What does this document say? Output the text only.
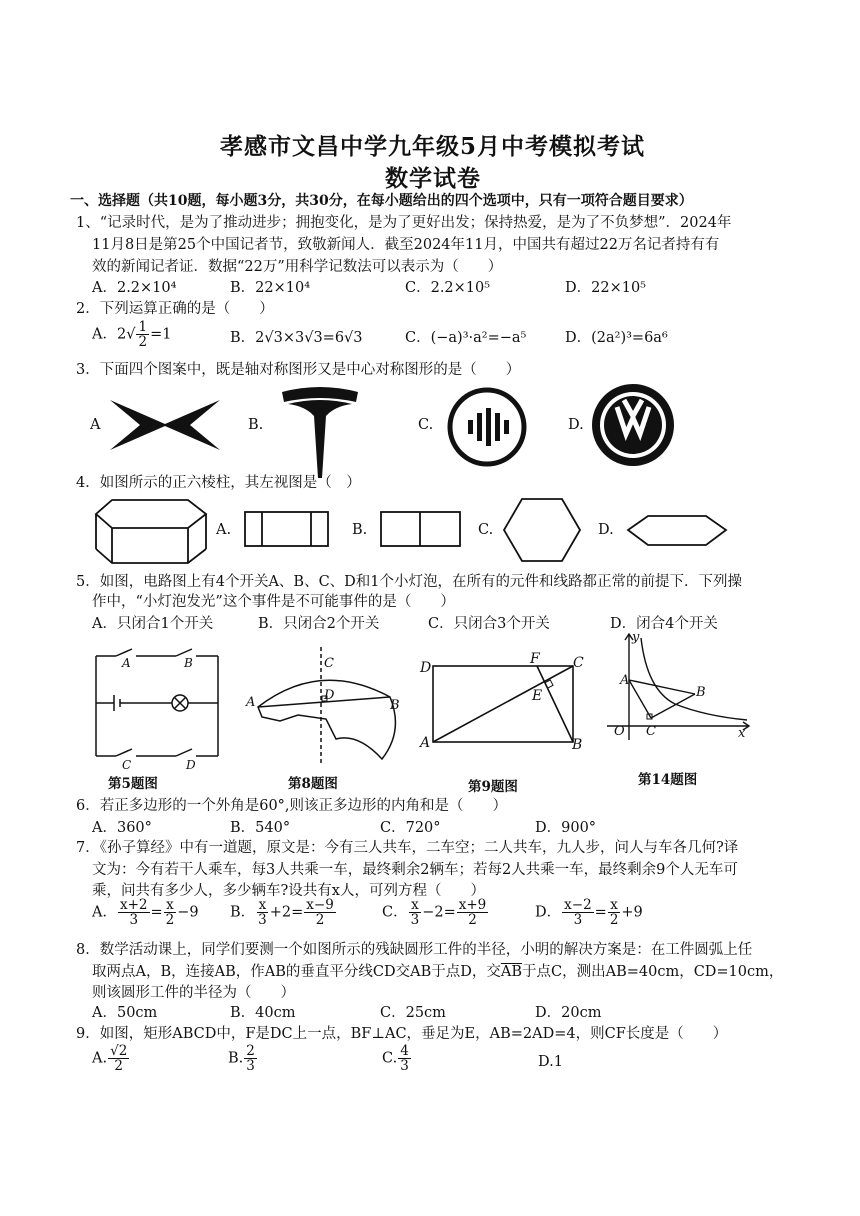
孝感市文昌中学九年级5月中考模拟考试
数学试卷
一、选择题（共10题，每小题3分，共30分，在每小题给出的四个选项中，只有一项符合题目要求）
1、“记录时代，是为了推动进步；拥抱变化，是为了更好出发；保持热爱，是为了不负梦想”．2024年
11月8日是第25个中国记者节，致敬新闻人．截至2024年11月，中国共有超过22万名记者持有有
效的新闻记者证．数据“22万”用科学记数法可以表示为（　　）
A．2.2×10⁴	B．22×10⁴	C．2.2×10⁵	D．22×10⁵
2．下列运算正确的是（　　）
A．$2√ \frac{1}{2} =1$	B．2√3×3√3=6√3	C．(−a)³·a²=−a⁵	D．(2a²)³=6a⁶
3．下面四个图案中，既是轴对称图形又是中心对称图形的是（　　）
A	B.	C.	D.
4．如图所示的正六棱柱，其左视图是（　）
A.	B.	C.	D.
5．如图，电路图上有4个开关A、B、C、D和1个小灯泡，在所有的元件和线路都正常的前提下．下列操
作中，“小灯泡发光”这个事件是不可能事件的是（　　）
A．只闭合1个开关	B．只闭合2个开关	C．只闭合3个开关	D．闭合4个开关
A	B
C	D
第5题图
A	B
C
D
第8题图
D
F C
E
A	B
第9题图
y
A
B
O C	x
第14题图
6．若正多边形的一个外角是60°,则该正多边形的内角和是（　　）
A．360°	B．540°	C．720°	D．900°
7．《孙子算经》中有一道题，原文是：今有三人共车，二车空；二人共车，九人步，问人与车各几何?译
文为：今有若干人乘车，每3人共乘一车，最终剩余2辆车；若每2人共乘一车，最终剩余9个人无车可
乘，问共有多少人，多少辆车?设共有x人，可列方程（　　）
A． $\frac{x+2}{3} = \frac{x}{2} -9$ B． $\frac{x}{3} +2= \frac{x-9}{2}$	C． $\frac{x}{3} -2= \frac{x+9}{2}$	D． $\frac{x-2}{3} = \frac{x}{2} +9$
8．数学活动课上，同学们要测一个如图所示的残缺圆形工件的半径，小明的解决方案是：在工件圆弧上任
取两点A，B，连接AB，作AB的垂直平分线CD交AB于点D，交$\overline{AB}$于点C，测出AB=40cm，CD=10cm，
则该圆形工件的半径为（　　）
A．50cm	B．40cm	C．25cm	D．20cm
9．如图，矩形ABCD中，F是DC上一点，BF⊥AC，垂足为E，AB=2AD=4，则CF长度是（　　）
A. $\frac{√2}{2}$	B. $\frac{2}{3}$	C. $\frac{4}{3}$	D.1
